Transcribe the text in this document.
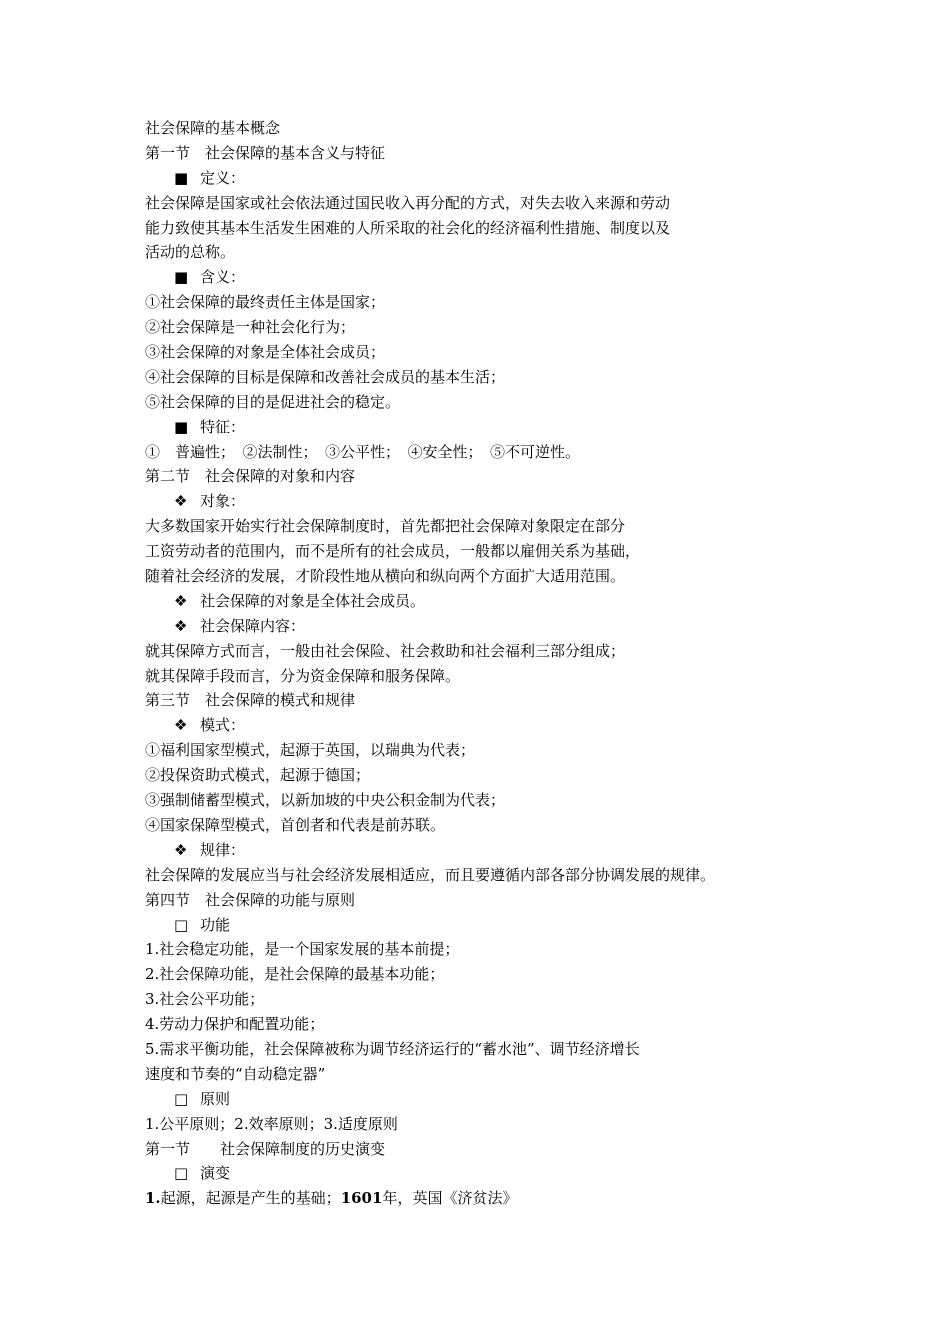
社会保障的基本概念
第一节　社会保障的基本含义与特征
■ 定义：
社会保障是国家或社会依法通过国民收入再分配的方式，对失去收入来源和劳动
能力致使其基本生活发生困难的人所采取的社会化的经济福利性措施、制度以及
活动的总称。
■ 含义：
①社会保障的最终责任主体是国家；
②社会保障是一种社会化行为；
③社会保障的对象是全体社会成员；
④社会保障的目标是保障和改善社会成员的基本生活；
⑤社会保障的目的是促进社会的稳定。
■ 特征：
①　普遍性；　②法制性；　③公平性；　④安全性；　⑤不可逆性。
第二节　社会保障的对象和内容
❖ 对象：
大多数国家开始实行社会保障制度时，首先都把社会保障对象限定在部分
工资劳动者的范围内，而不是所有的社会成员，一般都以雇佣关系为基础，
随着社会经济的发展，才阶段性地从横向和纵向两个方面扩大适用范围。
❖ 社会保障的对象是全体社会成员。
❖ 社会保障内容：
就其保障方式而言，一般由社会保险、社会救助和社会福利三部分组成；
就其保障手段而言，分为资金保障和服务保障。
第三节　社会保障的模式和规律
❖ 模式：
①福利国家型模式，起源于英国，以瑞典为代表；
②投保资助式模式，起源于德国；
③强制储蓄型模式，以新加坡的中央公积金制为代表；
④国家保障型模式，首创者和代表是前苏联。
❖ 规律：
社会保障的发展应当与社会经济发展相适应，而且要遵循内部各部分协调发展的规律。
第四节　社会保障的功能与原则
□ 功能
1.社会稳定功能，是一个国家发展的基本前提；
2.社会保障功能，是社会保障的最基本功能；
3.社会公平功能；
4.劳动力保护和配置功能；
5.需求平衡功能，社会保障被称为调节经济运行的“蓄水池”、调节经济增长
速度和节奏的“自动稳定器”
□ 原则
1.公平原则；2.效率原则；3.适度原则
第一节　　社会保障制度的历史演变
□ 演变
1.起源，起源是产生的基础；1601年，英国《济贫法》
